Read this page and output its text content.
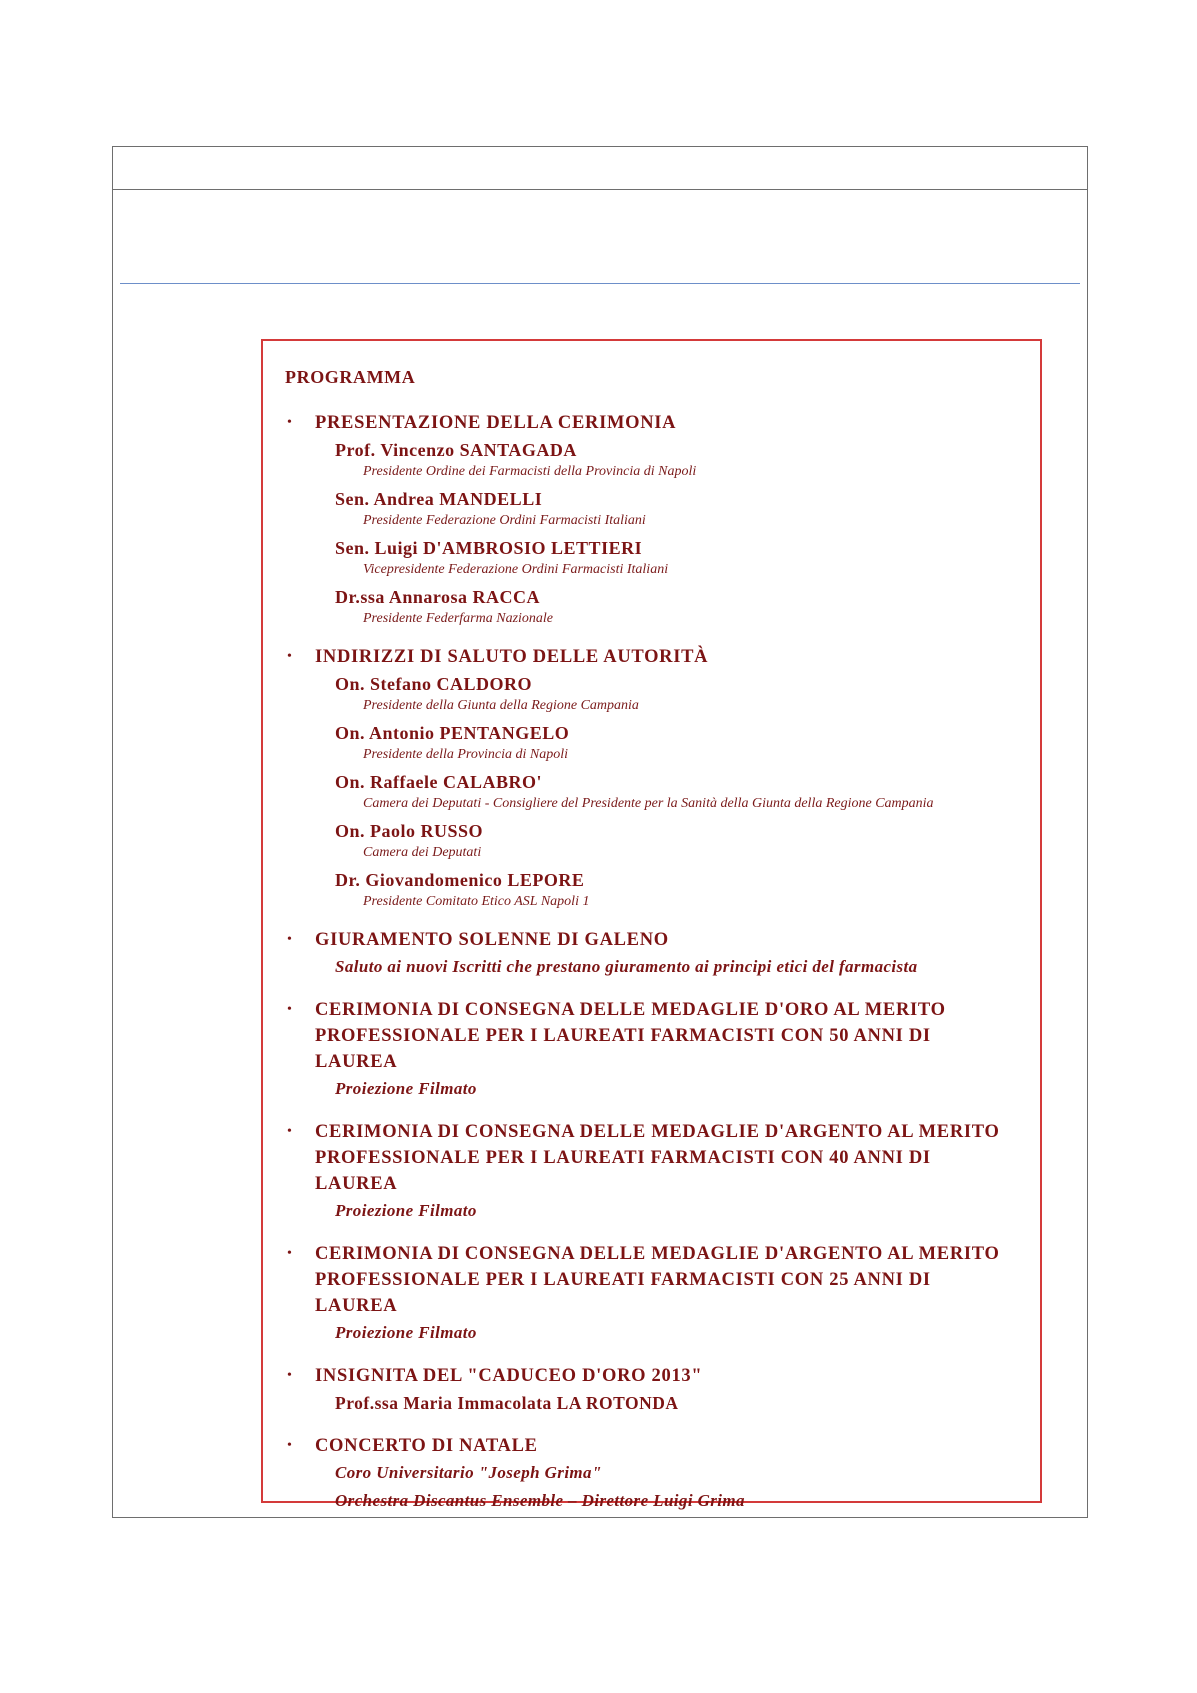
PROGRAMMA
•	PRESENTAZIONE DELLA CERIMONIA
Prof. Vincenzo SANTAGADA
Presidente Ordine dei Farmacisti della Provincia di Napoli
Sen. Andrea MANDELLI
Presidente Federazione Ordini Farmacisti Italiani
Sen. Luigi D'AMBROSIO LETTIERI
Vicepresidente Federazione Ordini Farmacisti Italiani
Dr.ssa Annarosa RACCA
Presidente Federfarma Nazionale
•	INDIRIZZI DI SALUTO DELLE AUTORITÀ
On. Stefano CALDORO
Presidente della Giunta della Regione Campania
On. Antonio PENTANGELO
Presidente della Provincia di Napoli
On. Raffaele CALABRO'
Camera dei Deputati - Consigliere del Presidente per la Sanità della Giunta della Regione Campania
On. Paolo RUSSO
Camera dei Deputati
Dr. Giovandomenico LEPORE
Presidente Comitato Etico ASL Napoli 1
•	GIURAMENTO SOLENNE DI GALENO
Saluto ai nuovi Iscritti che prestano giuramento ai principi etici del farmacista
•	CERIMONIA DI CONSEGNA DELLE MEDAGLIE D'ORO AL MERITO PROFESSIONALE PER I LAUREATI FARMACISTI CON 50 ANNI DI LAUREA
Proiezione Filmato
•	CERIMONIA DI CONSEGNA DELLE MEDAGLIE D'ARGENTO AL MERITO PROFESSIONALE PER I LAUREATI FARMACISTI CON 40 ANNI DI LAUREA
Proiezione Filmato
•	CERIMONIA DI CONSEGNA DELLE MEDAGLIE D'ARGENTO AL MERITO PROFESSIONALE PER I LAUREATI FARMACISTI CON 25 ANNI DI LAUREA
Proiezione Filmato
•	INSIGNITA DEL "CADUCEO D'ORO 2013"
Prof.ssa Maria Immacolata LA ROTONDA
•	CONCERTO DI NATALE
Coro Universitario "Joseph Grima"
Orchestra Discantus Ensemble – Direttore Luigi Grima
